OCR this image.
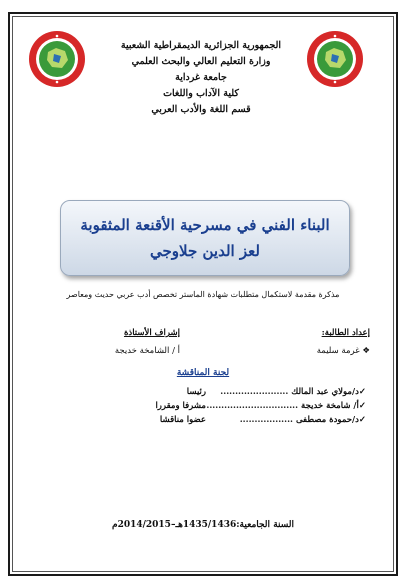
الجمهورية الجزائرية الديمقراطية الشعبية
وزارة التعليم العالي والبحث العلمي
جامعة غرداية
كلية الآداب واللغات
قسم اللغة والأدب العربي
البناء الفني في مسرحية الأقنعة المثقوبة
لعز الدين جلاوجي
مذكرة مقدمة لاستكمال متطلبات شهادة الماستر تخصص أدب عربي حديث ومعاصر
إعداد الطالبة:
❖ غرمة سليمة
إشراف الأستاذة
أ / الشامخة خديجة
لجنة المناقشة
✓د/مولاي عبد المالك .......................
رئيسا
✓أ/ شامخة خديجة ...............................
مشرفا ومقررا
✓د/حمودة مصطفى ..................
عضوا مناقشا
السنة الجامعية:1435/1436هـ–2014/2015م
